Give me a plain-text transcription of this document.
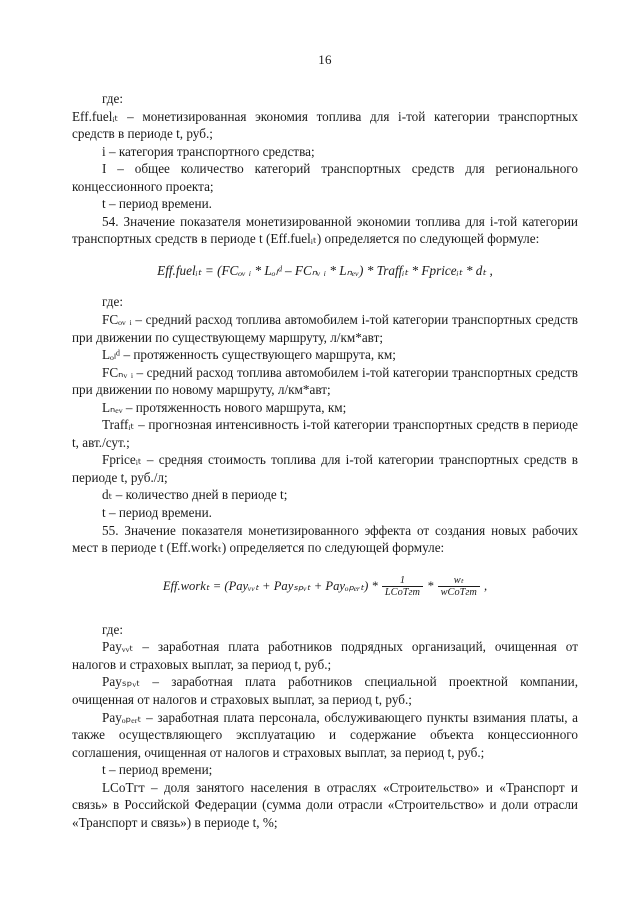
16

где:

Eff.fuelᵢₜ – монетизированная экономия топлива для i-той категории транспортных средств в периоде t, руб.;

i – категория транспортного средства;

I – общее количество категорий транспортных средств для регионального концессионного проекта;

t – период времени.

54. Значение показателя монетизированной экономии топлива для i-той категории транспортных средств в периоде t (Eff.fuelᵢₜ) определяется по следующей формуле:

Eff.fuelᵢₜ = (FCₒᵥ ᵢ * Lₒₗᵈ – FCₙᵥ ᵢ * Lₙₑᵥ) * Traffᵢₜ * Fpriceᵢₜ * dₜ ,

где:

FCₒᵥ ᵢ – средний расход топлива автомобилем i-той категории транспортных средств при движении по существующему маршруту, л/км*авт;

Lₒₗᵈ – протяженность существующего маршрута, км;

FCₙᵥ ᵢ – средний расход топлива автомобилем i-той категории транспортных средств при движении по новому маршруту, л/км*авт;

Lₙₑᵥ – протяженность нового маршрута, км;

Traffᵢₜ – прогнозная интенсивность i-той категории транспортных средств в периоде t, авт./сут.;

Fpriceᵢₜ – средняя стоимость топлива для i-той категории транспортных средств в периоде t, руб./л;

dₜ – количество дней в периоде t;

t – период времени.

55. Значение показателя монетизированного эффекта от создания новых рабочих мест в периоде t (Eff.workₜ) определяется по следующей формуле:

Eff.workₜ = (Payᵥᵥₜ + Payₛₚᵥₜ + Payₒₚₑᵣₜ) * $\frac{1}{\text{LСоТгт}} * \frac{\text{wₜ}}{\text{wСоТгт}}$ ,

где:

Payᵥᵥₜ – заработная плата работников подрядных организаций, очищенная от налогов и страховых выплат, за период t, руб.;

Payₛₚᵥₜ – заработная плата работников специальной проектной компании, очищенная от налогов и страховых выплат, за период t, руб.;

Payₒₚₑᵣₜ – заработная плата персонала, обслуживающего пункты взимания платы, а также осуществляющего эксплуатацию и содержание объекта концессионного соглашения, очищенная от налогов и страховых выплат, за период t, руб.;

t – период времени;

LСоТгт – доля занятого населения в отраслях «Строительство» и «Транспорт и связь» в Российской Федерации (сумма доли отрасли «Строительство» и доли отрасли «Транспорт и связь») в периоде t, %;
